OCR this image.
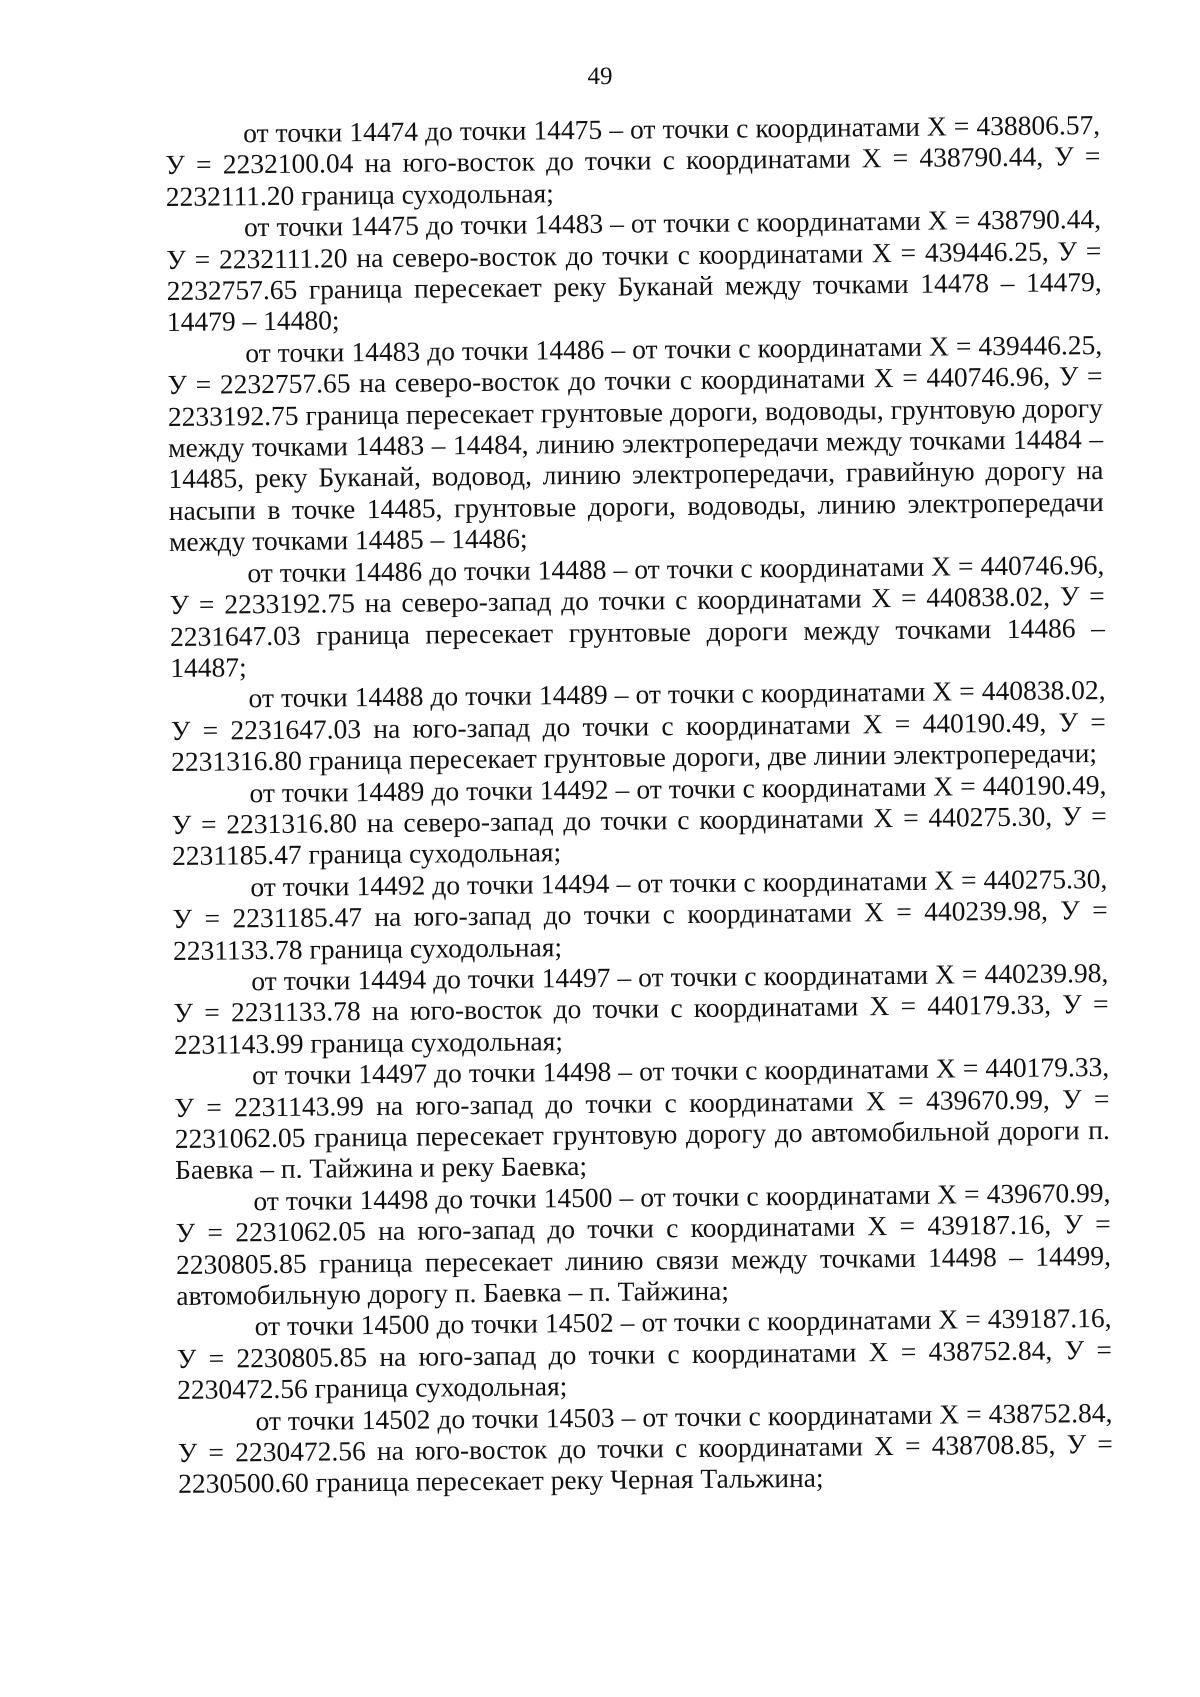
49

от точки 14474 до точки 14475 – от точки с координатами Х = 438806.57, У = 2232100.04 на юго-восток до точки с координатами Х = 438790.44, У = 2232111.20 граница суходольная;

от точки 14475 до точки 14483 – от точки с координатами Х = 438790.44, У = 2232111.20 на северо-восток до точки с координатами Х = 439446.25, У = 2232757.65 граница пересекает реку Буканай между точками 14478 – 14479, 14479 – 14480;

от точки 14483 до точки 14486 – от точки с координатами Х = 439446.25, У = 2232757.65 на северо-восток до точки с координатами Х = 440746.96, У = 2233192.75 граница пересекает грунтовые дороги, водоводы, грунтовую дорогу между точками 14483 – 14484, линию электропередачи между точками 14484 – 14485, реку Буканай, водовод, линию электропередачи, гравийную дорогу на насыпи в точке 14485, грунтовые дороги, водоводы, линию электропередачи между точками 14485 – 14486;

от точки 14486 до точки 14488 – от точки с координатами Х = 440746.96, У = 2233192.75 на северо-запад до точки с координатами Х = 440838.02, У = 2231647.03 граница пересекает грунтовые дороги между точками 14486 – 14487;

от точки 14488 до точки 14489 – от точки с координатами Х = 440838.02, У = 2231647.03 на юго-запад до точки с координатами Х = 440190.49, У = 2231316.80 граница пересекает грунтовые дороги, две линии электропередачи;

от точки 14489 до точки 14492 – от точки с координатами Х = 440190.49, У = 2231316.80 на северо-запад до точки с координатами Х = 440275.30, У = 2231185.47 граница суходольная;

от точки 14492 до точки 14494 – от точки с координатами Х = 440275.30, У = 2231185.47 на юго-запад до точки с координатами Х = 440239.98, У = 2231133.78 граница суходольная;

от точки 14494 до точки 14497 – от точки с координатами Х = 440239.98, У = 2231133.78 на юго-восток до точки с координатами Х = 440179.33, У = 2231143.99 граница суходольная;

от точки 14497 до точки 14498 – от точки с координатами Х = 440179.33, У = 2231143.99 на юго-запад до точки с координатами Х = 439670.99, У = 2231062.05 граница пересекает грунтовую дорогу до автомобильной дороги п. Баевка – п. Тайжина и реку Баевка;

от точки 14498 до точки 14500 – от точки с координатами Х = 439670.99, У = 2231062.05 на юго-запад до точки с координатами Х = 439187.16, У = 2230805.85 граница пересекает линию связи между точками 14498 – 14499, автомобильную дорогу п. Баевка – п. Тайжина;

от точки 14500 до точки 14502 – от точки с координатами Х = 439187.16, У = 2230805.85 на юго-запад до точки с координатами Х = 438752.84, У = 2230472.56 граница суходольная;

от точки 14502 до точки 14503 – от точки с координатами Х = 438752.84, У = 2230472.56 на юго-восток до точки с координатами Х = 438708.85, У = 2230500.60 граница пересекает реку Черная Тальжина;
